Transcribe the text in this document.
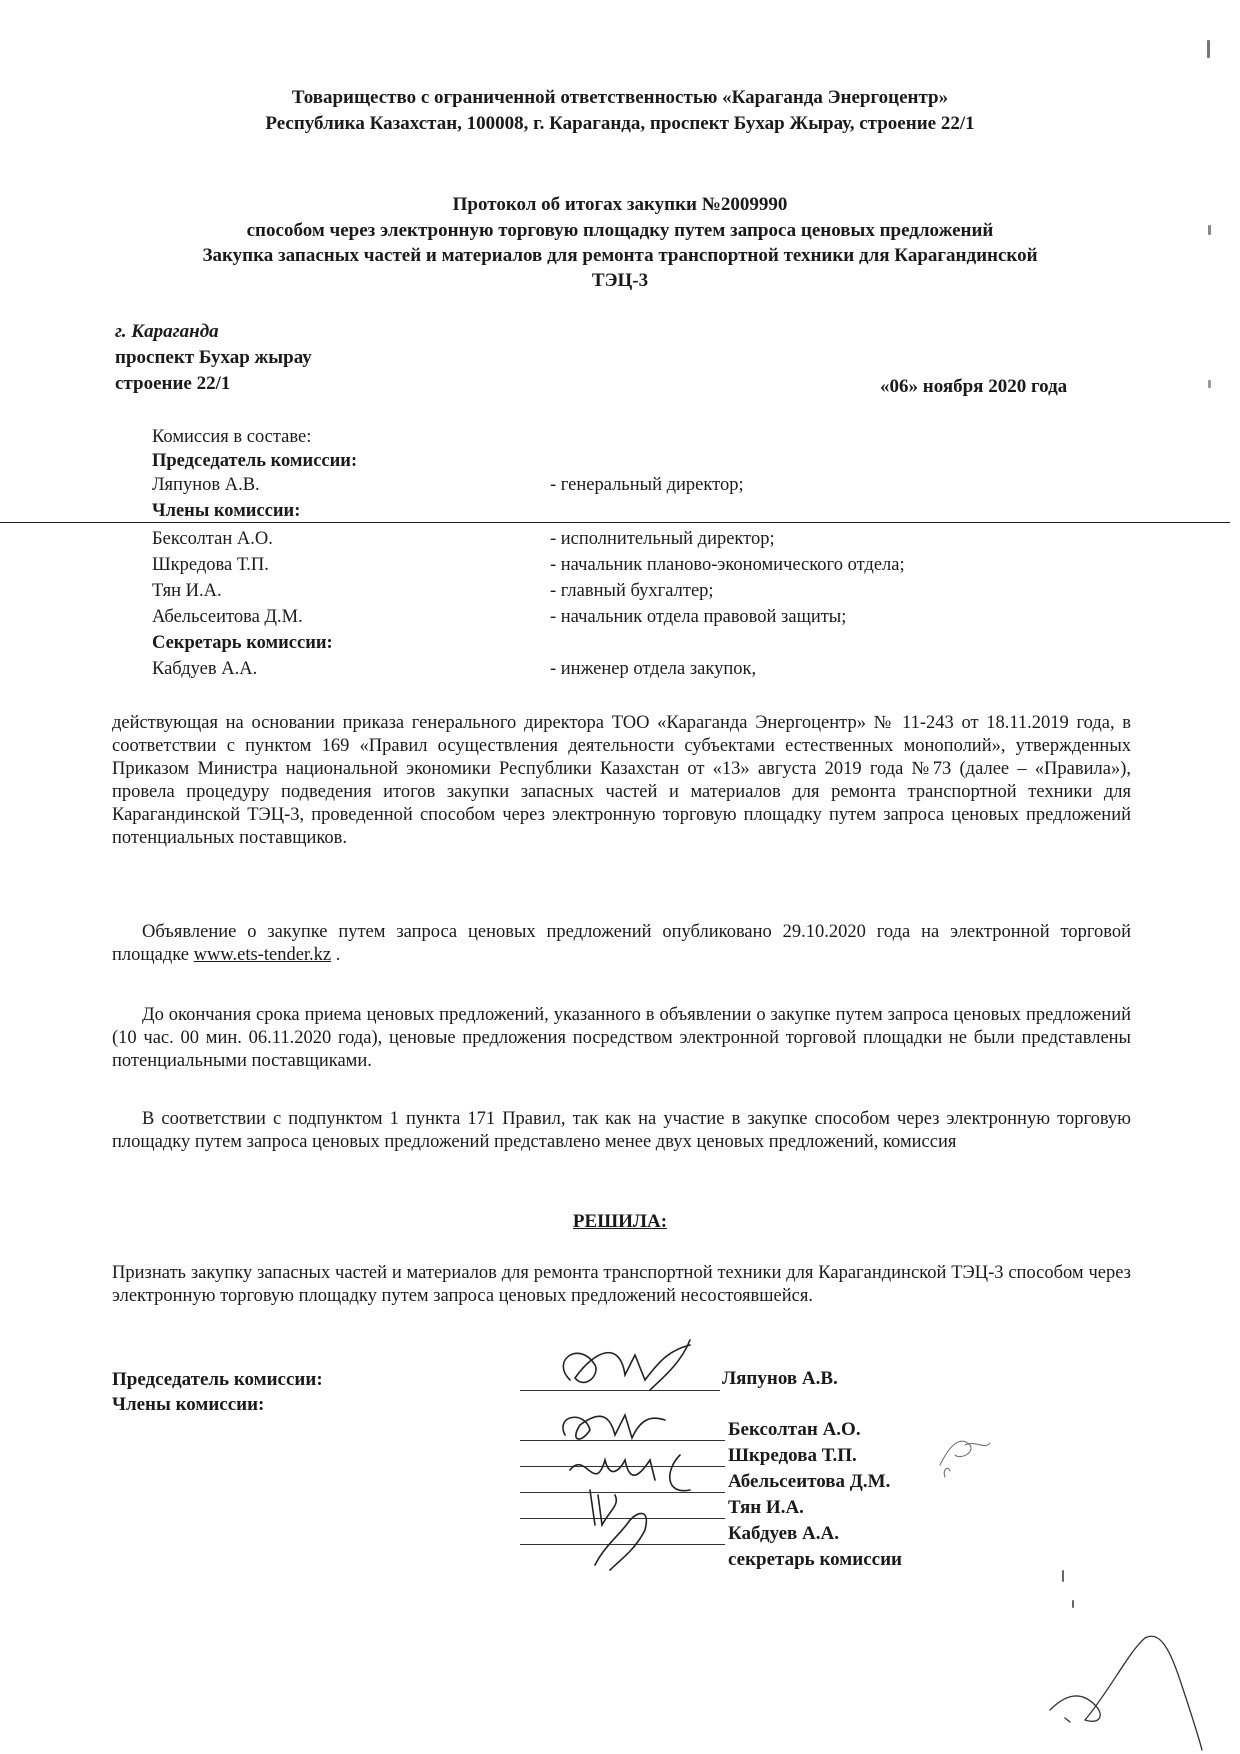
Товарищество с ограниченной ответственностью «Караганда Энергоцентр»
Республика Казахстан, 100008, г. Караганда, проспект Бухар Жырау, строение 22/1
Протокол об итогах закупки №2009990
способом через электронную торговую площадку путем запроса ценовых предложений
Закупка запасных частей и материалов для ремонта транспортной техники для Карагандинской
ТЭЦ-3
г. Караганда
проспект Бухар жырау
строение 22/1	«06» ноября 2020 года
Комиссия в составе:
Председатель комиссии:
Ляпунов А.В.	- генеральный директор;
Члены комиссии:
Бексолтан А.О.	- исполнительный директор;
Шкредова Т.П.	- начальник планово-экономического отдела;
Тян И.А.	- главный бухгалтер;
Абельсеитова Д.М.	- начальник отдела правовой защиты;
Секретарь комиссии:
Кабдуев А.А.	- инженер отдела закупок,
действующая на основании приказа генерального директора ТОО «Караганда Энергоцентр» № 11-243 от 18.11.2019 года, в соответствии с пунктом 169 «Правил осуществления деятельности субъектами естественных монополий», утвержденных Приказом Министра национальной экономики Республики Казахстан от «13» августа 2019 года №73 (далее – «Правила»), провела процедуру подведения итогов закупки запасных частей и материалов для ремонта транспортной техники для Карагандинской ТЭЦ-3, проведенной способом через электронную торговую площадку путем запроса ценовых предложений потенциальных поставщиков.
Объявление о закупке путем запроса ценовых предложений опубликовано 29.10.2020 года на электронной торговой площадке www.ets-tender.kz .
До окончания срока приема ценовых предложений, указанного в объявлении о закупке путем запроса ценовых предложений (10 час. 00 мин. 06.11.2020 года), ценовые предложения посредством электронной торговой площадки не были представлены потенциальными поставщиками.
В соответствии с подпунктом 1 пункта 171 Правил, так как на участие в закупке способом через электронную торговую площадку путем запроса ценовых предложений представлено менее двух ценовых предложений, комиссия
РЕШИЛА:
Признать закупку запасных частей и материалов для ремонта транспортной техники для Карагандинской ТЭЦ-3 способом через электронную торговую площадку путем запроса ценовых предложений несостоявшейся.
Председатель комиссии:
Члены комиссии:
Ляпунов А.В.
Бексолтан А.О.
Шкредова Т.П.
Абельсеитова Д.М.
Тян И.А.
Кабдуев А.А.
секретарь комиссии
